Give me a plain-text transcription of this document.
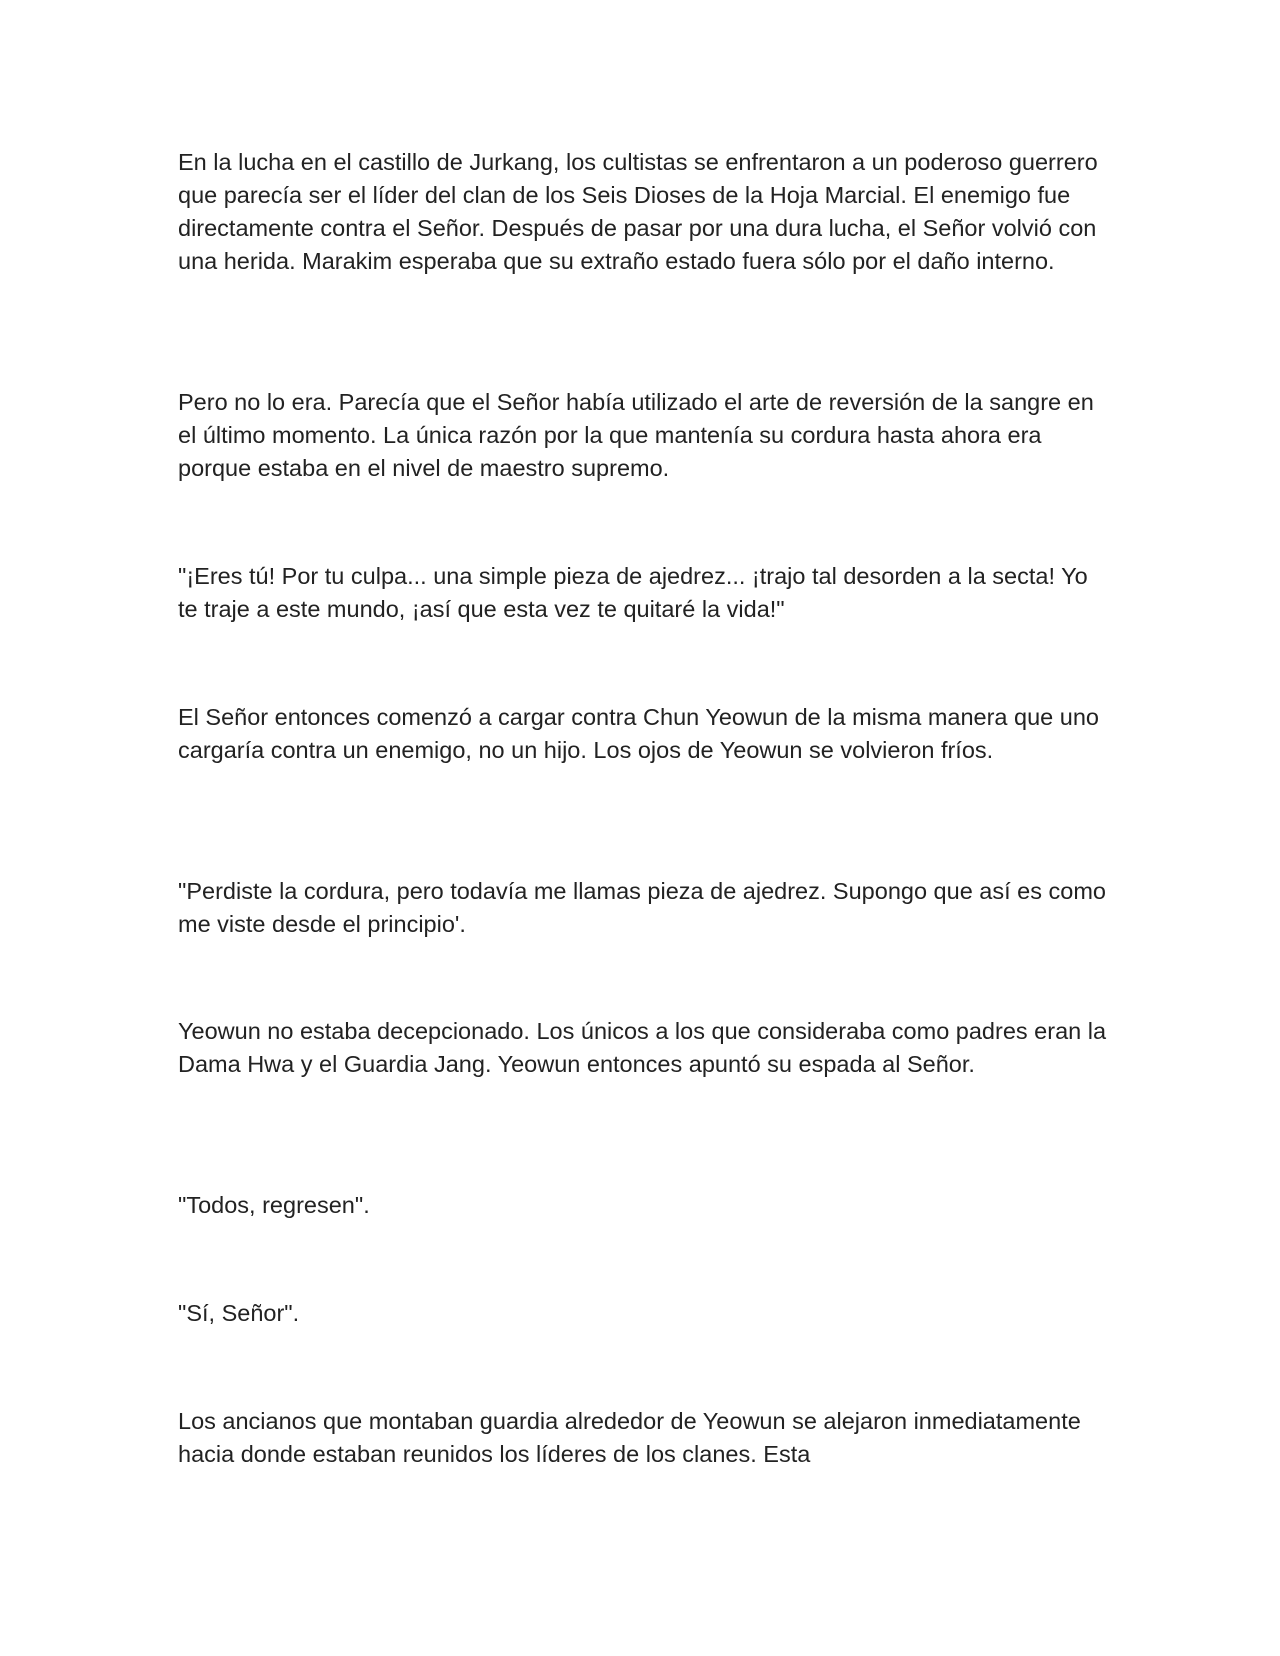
En la lucha en el castillo de Jurkang, los cultistas se enfrentaron a un poderoso guerrero que parecía ser el líder del clan de los Seis Dioses de la Hoja Marcial. El enemigo fue directamente contra el Señor. Después de pasar por una dura lucha, el Señor volvió con una herida. Marakim esperaba que su extraño estado fuera sólo por el daño interno.

Pero no lo era. Parecía que el Señor había utilizado el arte de reversión de la sangre en el último momento. La única razón por la que mantenía su cordura hasta ahora era porque estaba en el nivel de maestro supremo.

"¡Eres tú! Por tu culpa... una simple pieza de ajedrez... ¡trajo tal desorden a la secta! Yo te traje a este mundo, ¡así que esta vez te quitaré la vida!"

El Señor entonces comenzó a cargar contra Chun Yeowun de la misma manera que uno cargaría contra un enemigo, no un hijo. Los ojos de Yeowun se volvieron fríos.

"Perdiste la cordura, pero todavía me llamas pieza de ajedrez. Supongo que así es como me viste desde el principio'.

Yeowun no estaba decepcionado. Los únicos a los que consideraba como padres eran la Dama Hwa y el Guardia Jang. Yeowun entonces apuntó su espada al Señor.

"Todos, regresen".

"Sí, Señor".

Los ancianos que montaban guardia alrededor de Yeowun se alejaron inmediatamente hacia donde estaban reunidos los líderes de los clanes. Esta
